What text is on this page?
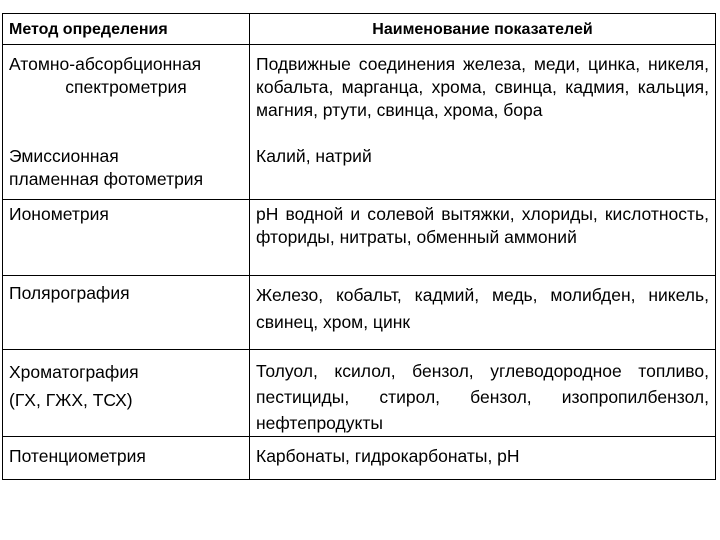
Метод определения	Наименование показателей

Атомно-абсорбционная
спектрометрия	Подвижные соединения железа, меди, цинка, никеля, кобальта, марганца, хрома, свинца, кадмия, кальция, магния, ртути, свинца, хрома, бора

Эмиссионная
пламенная фотометрия	Калий, натрий
Ионометрия	pH водной и солевой вытяжки, хлориды, кислотность, фториды, нитраты, обменный аммоний
Полярография	Железо, кобальт, кадмий, медь, молибден, никель, свинец, хром, цинк

Хроматография
(ГХ, ГЖХ, ТСХ)	Толуол, ксилол, бензол, углеводородное топливо, пестициды, стирол, бензол, изопропилбензол, нефтепродукты
Потенциометрия	Карбонаты, гидрокарбонаты, pH
